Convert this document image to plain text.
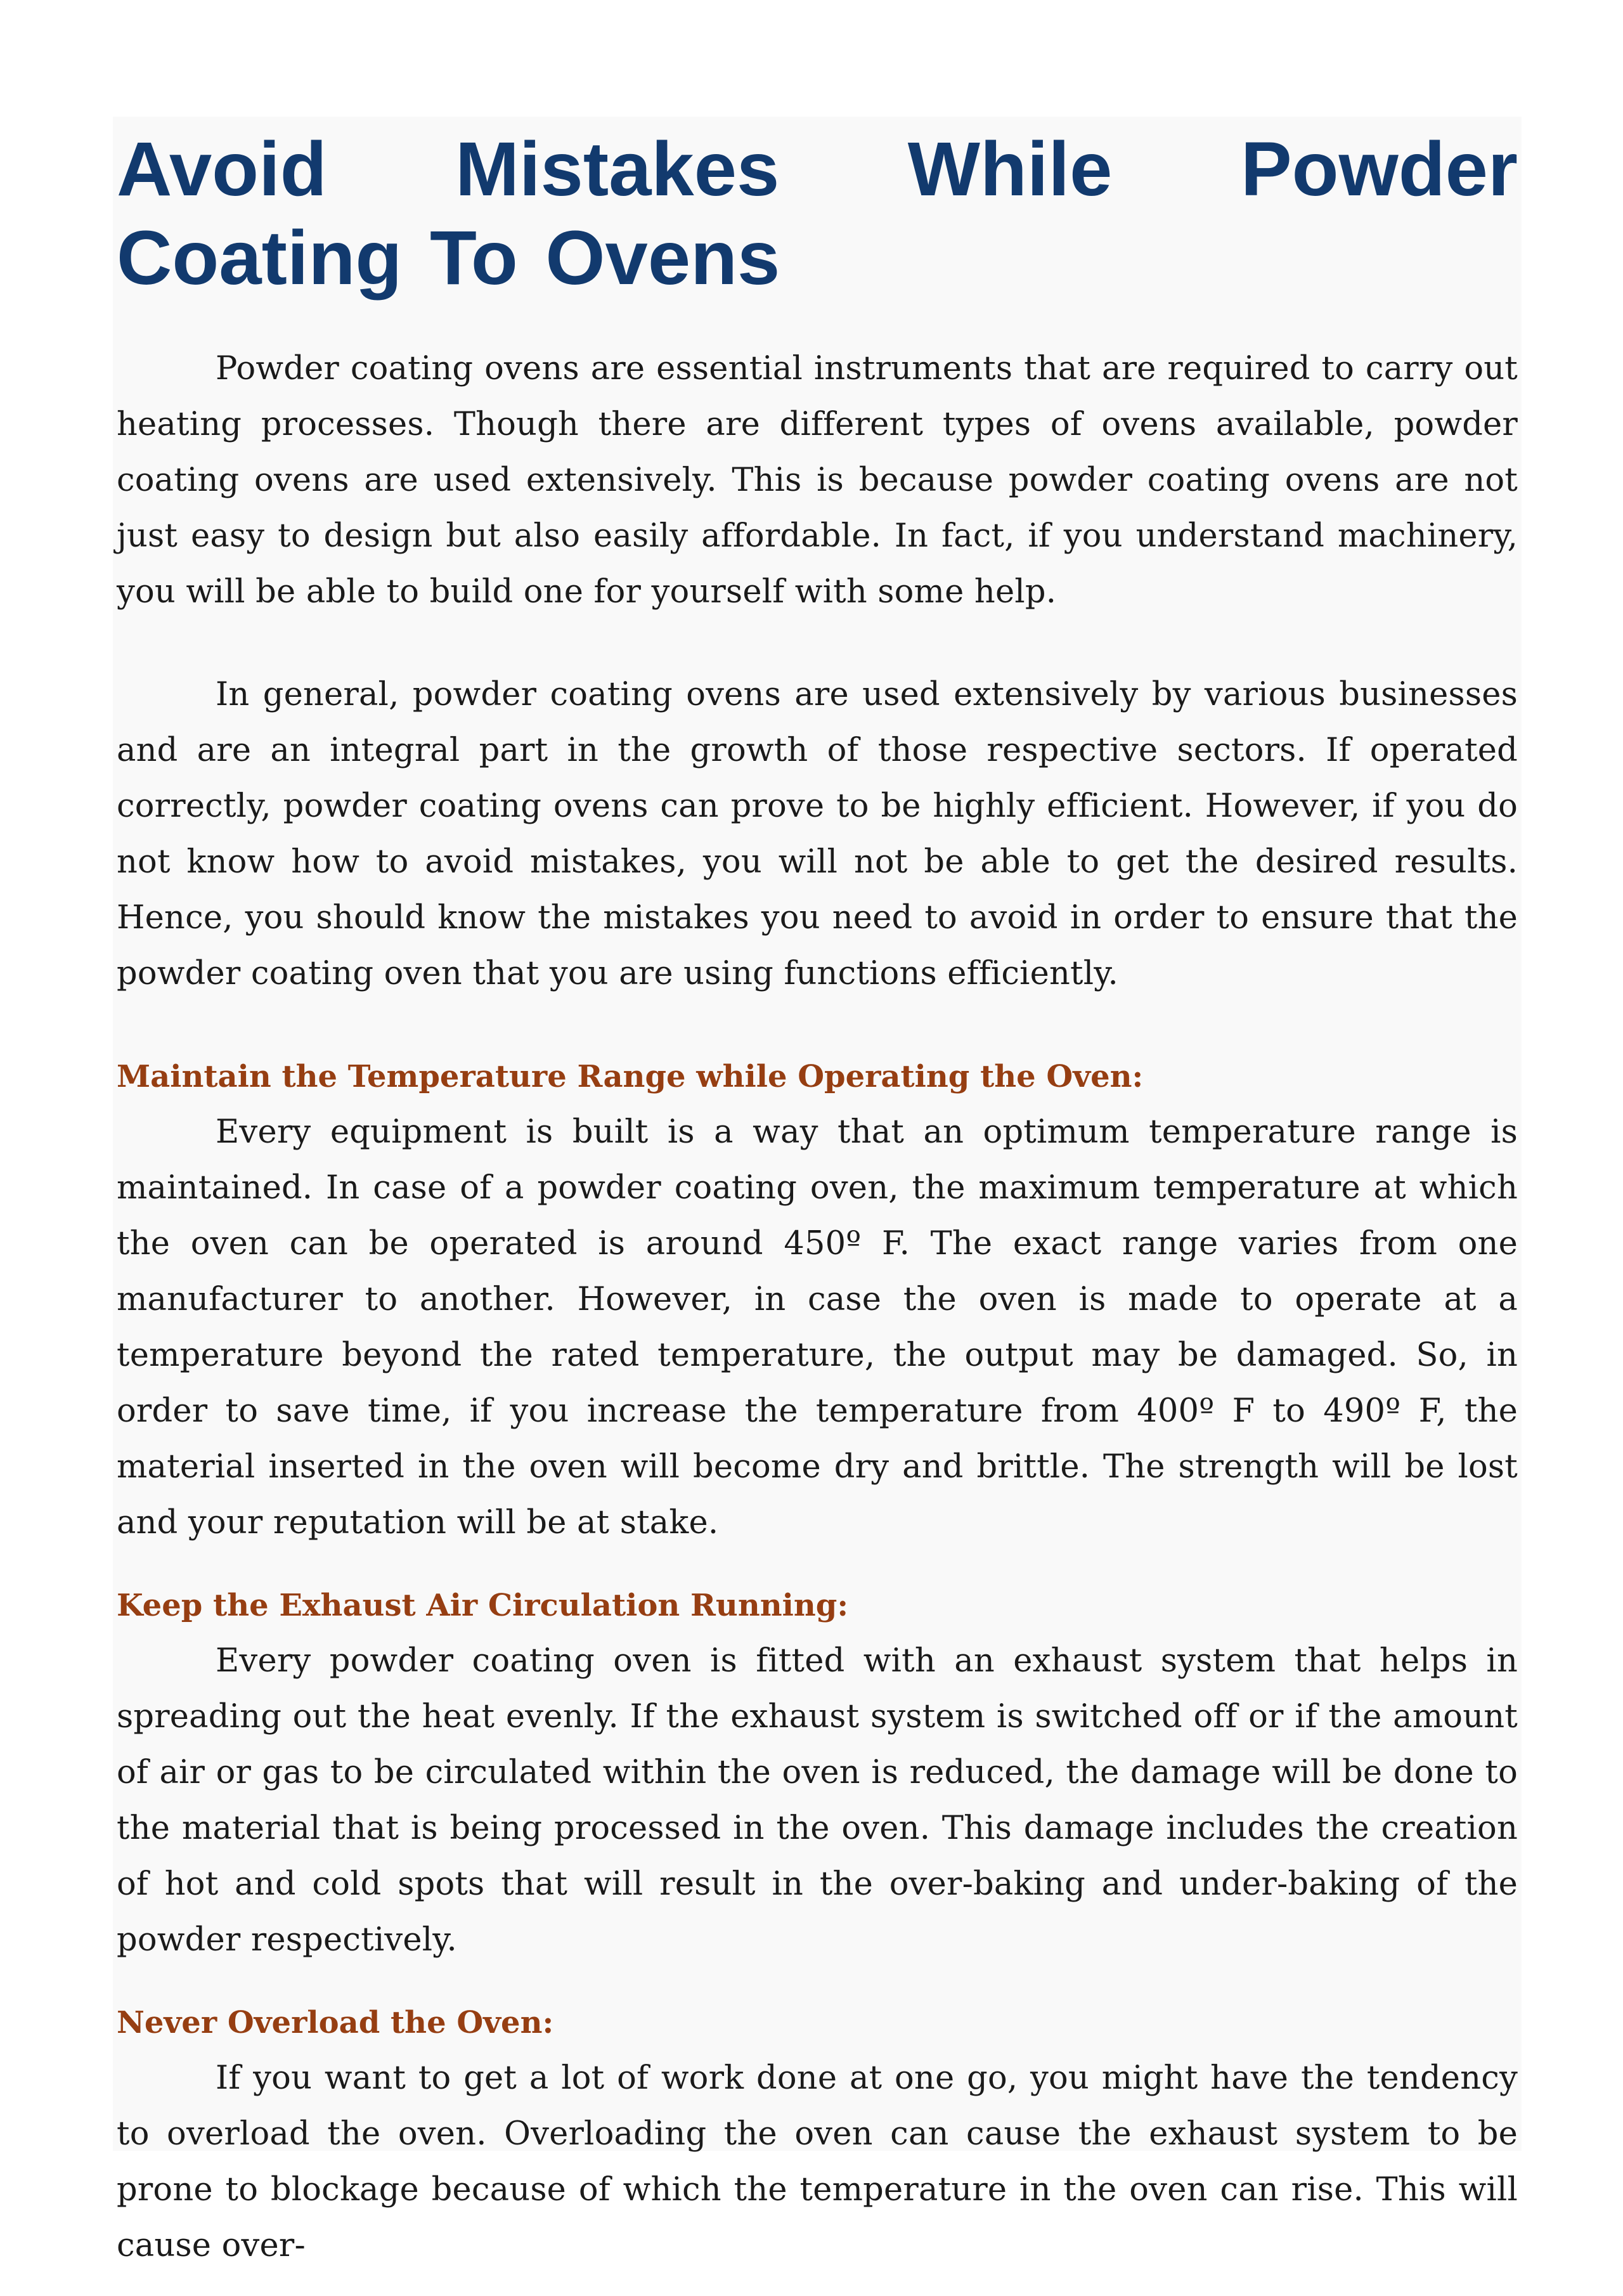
Avoid Mistakes While Powder Coating To Ovens

Powder coating ovens are essential instruments that are required to carry out heating processes. Though there are different types of ovens available, powder coating ovens are used extensively. This is because powder coating ovens are not just easy to design but also easily affordable. In fact, if you understand machinery, you will be able to build one for yourself with some help.

In general, powder coating ovens are used extensively by various businesses and are an integral part in the growth of those respective sectors. If operated correctly, powder coating ovens can prove to be highly efficient. However, if you do not know how to avoid mistakes, you will not be able to get the desired results. Hence, you should know the mistakes you need to avoid in order to ensure that the powder coating oven that you are using functions efficiently.

Maintain the Temperature Range while Operating the Oven:

Every equipment is built is a way that an optimum temperature range is maintained. In case of a powder coating oven, the maximum temperature at which the oven can be operated is around 450º F. The exact range varies from one manufacturer to another. However, in case the oven is made to operate at a temperature beyond the rated temperature, the output may be damaged. So, in order to save time, if you increase the temperature from 400º F to 490º F, the material inserted in the oven will become dry and brittle. The strength will be lost and your reputation will be at stake.

Keep the Exhaust Air Circulation Running:

Every powder coating oven is fitted with an exhaust system that helps in spreading out the heat evenly. If the exhaust system is switched off or if the amount of air or gas to be circulated within the oven is reduced, the damage will be done to the material that is being processed in the oven. This damage includes the creation of hot and cold spots that will result in the over-baking and under-baking of the powder respectively.

Never Overload the Oven:

If you want to get a lot of work done at one go, you might have the tendency to overload the oven. Overloading the oven can cause the exhaust system to be prone to blockage because of which the temperature in the oven can rise. This will cause over-
